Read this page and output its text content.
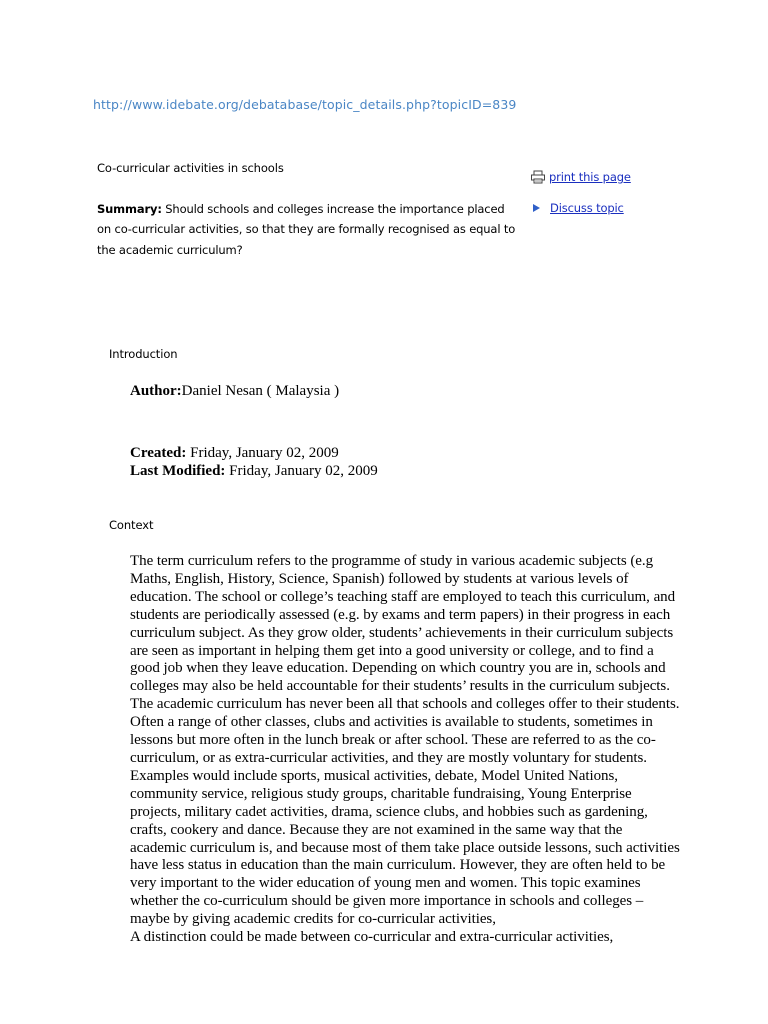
http://www.idebate.org/debatabase/topic_details.php?topicID=839
Co-curricular activities in schools
Summary: Should schools and colleges increase the importance placed on co-curricular activities, so that they are formally recognised as equal to the academic curriculum?
print this page
Discuss topic
Introduction
Author:Daniel Nesan ( Malaysia )
Created: Friday, January 02, 2009
Last Modified: Friday, January 02, 2009
Context

The term curriculum refers to the programme of study in various academic subjects (e.g Maths, English, History, Science, Spanish) followed by students at various levels of education. The school or college’s teaching staff are employed to teach this curriculum, and students are periodically assessed (e.g. by exams and term papers) in their progress in each curriculum subject. As they grow older, students’ achievements in their curriculum subjects are seen as important in helping them get into a good university or college, and to find a good job when they leave education. Depending on which country you are in, schools and colleges may also be held accountable for their students’ results in the curriculum subjects.

The academic curriculum has never been all that schools and colleges offer to their students. Often a range of other classes, clubs and activities is available to students, sometimes in lessons but more often in the lunch break or after school. These are referred to as the co-curriculum, or as extra-curricular activities, and they are mostly voluntary for students. Examples would include sports, musical activities, debate, Model United Nations, community service, religious study groups, charitable fundraising, Young Enterprise projects, military cadet activities, drama, science clubs, and hobbies such as gardening, crafts, cookery and dance. Because they are not examined in the same way that the academic curriculum is, and because most of them take place outside lessons, such activities have less status in education than the main curriculum. However, they are often held to be very important to the wider education of young men and women. This topic examines whether the co-curriculum should be given more importance in schools and colleges – maybe by giving academic credits for co-curricular activities,

A distinction could be made between co-curricular and extra-curricular activities,
